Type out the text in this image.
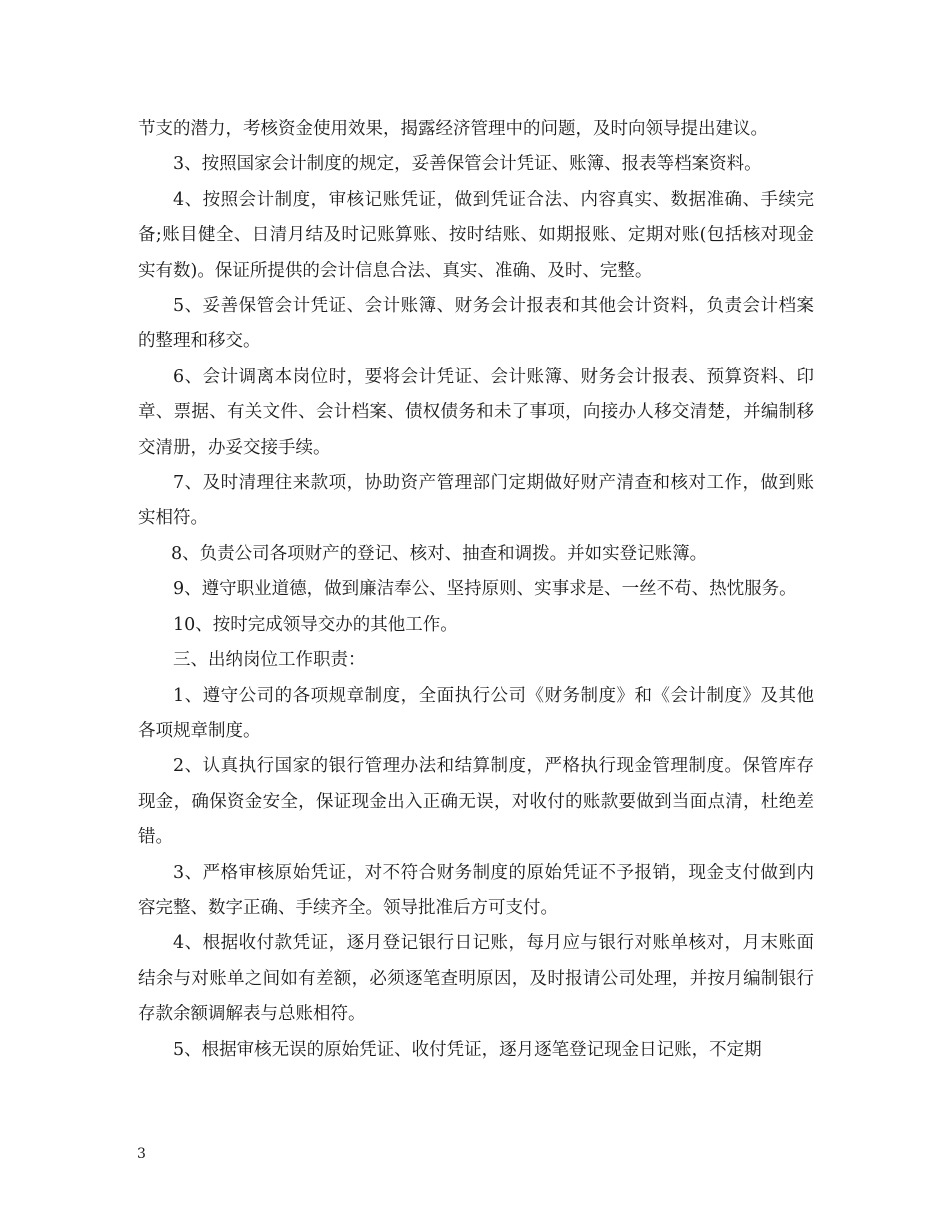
节支的潜力，考核资金使用效果，揭露经济管理中的问题，及时向领导提出建议。

3、按照国家会计制度的规定，妥善保管会计凭证、账簿、报表等档案资料。

4、按照会计制度，审核记账凭证，做到凭证合法、内容真实、数据准确、手续完备;账目健全、日清月结及时记账算账、按时结账、如期报账、定期对账(包括核对现金实有数)。保证所提供的会计信息合法、真实、准确、及时、完整。

5、妥善保管会计凭证、会计账簿、财务会计报表和其他会计资料，负责会计档案的整理和移交。

6、会计调离本岗位时，要将会计凭证、会计账簿、财务会计报表、预算资料、印章、票据、有关文件、会计档案、债权债务和未了事项，向接办人移交清楚，并编制移交清册，办妥交接手续。

7、及时清理往来款项，协助资产管理部门定期做好财产清查和核对工作，做到账实相符。

8、负责公司各项财产的登记、核对、抽查和调拨。并如实登记账簿。

9、遵守职业道德，做到廉洁奉公、坚持原则、实事求是、一丝不苟、热忱服务。

10、按时完成领导交办的其他工作。

三、出纳岗位工作职责：

1、遵守公司的各项规章制度，全面执行公司《财务制度》和《会计制度》及其他各项规章制度。

2、认真执行国家的银行管理办法和结算制度，严格执行现金管理制度。保管库存现金，确保资金安全，保证现金出入正确无误，对收付的账款要做到当面点清，杜绝差错。

3、严格审核原始凭证，对不符合财务制度的原始凭证不予报销，现金支付做到内容完整、数字正确、手续齐全。领导批准后方可支付。

4、根据收付款凭证，逐月登记银行日记账，每月应与银行对账单核对，月末账面结余与对账单之间如有差额，必须逐笔查明原因，及时报请公司处理，并按月编制银行存款余额调解表与总账相符。

5、根据审核无误的原始凭证、收付凭证，逐月逐笔登记现金日记账，不定期

3
